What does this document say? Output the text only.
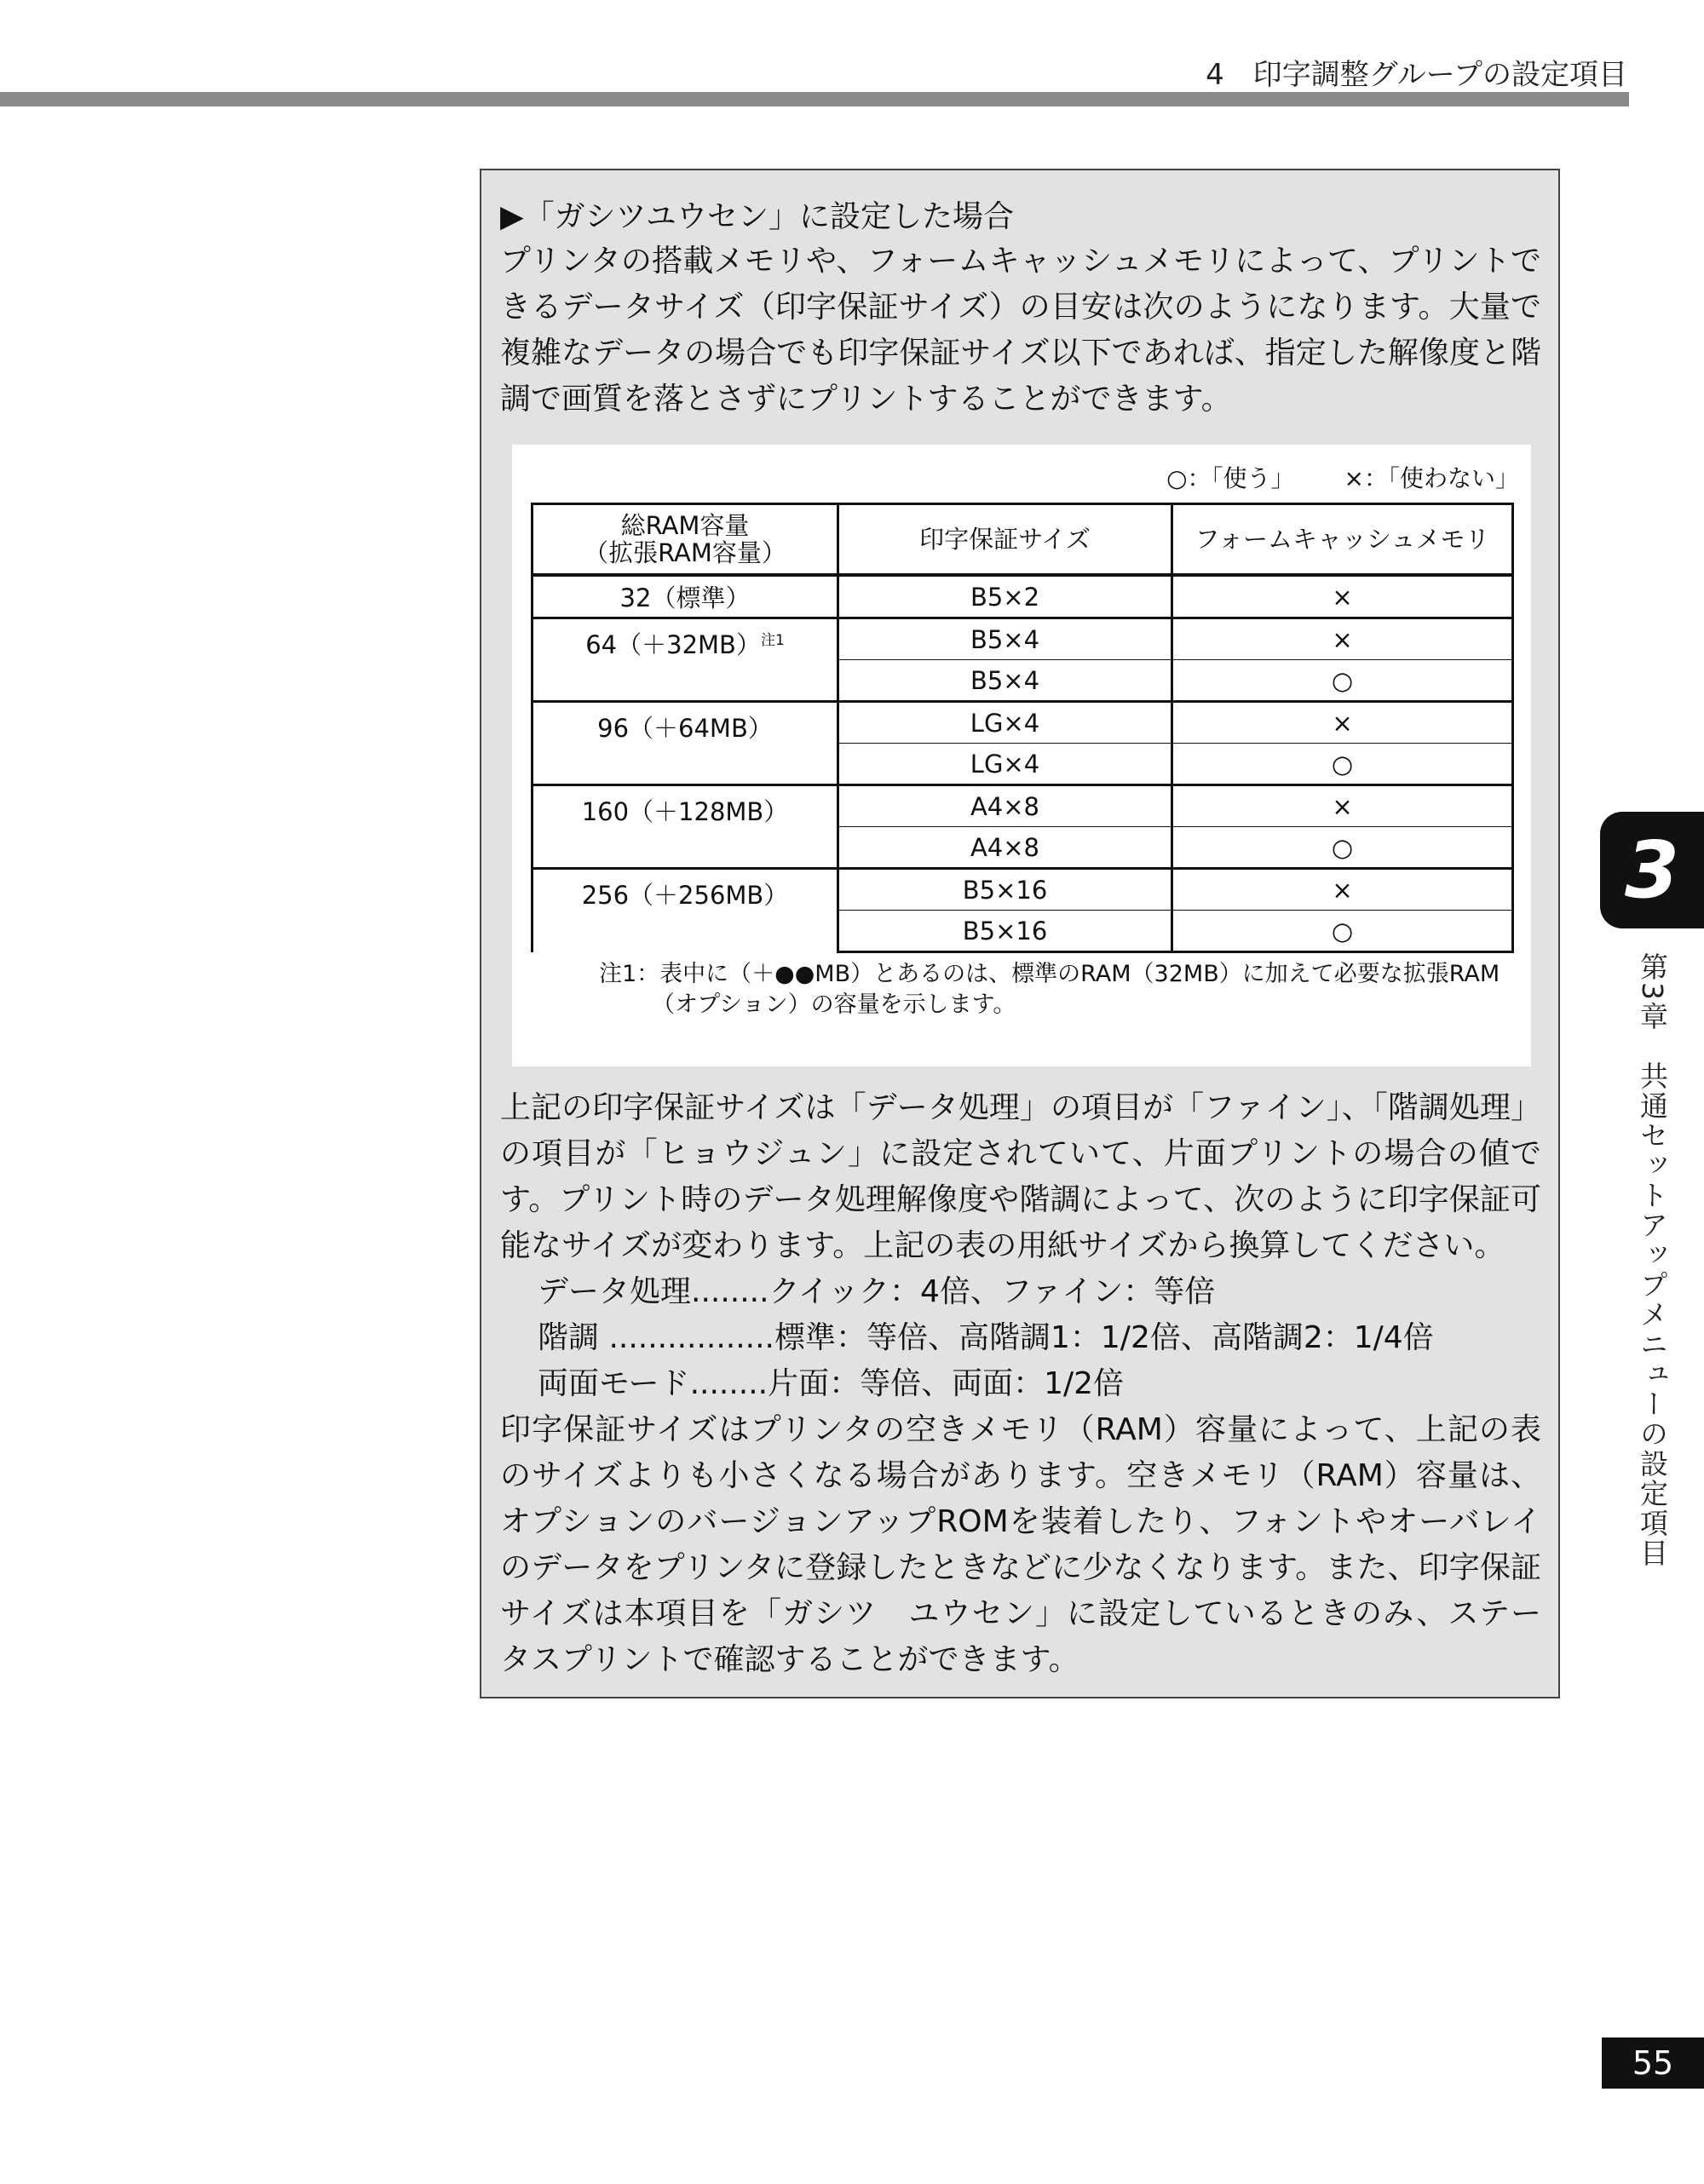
4　印字調整グループの設定項目
▶「ガシツユウセン」に設定した場合

プリンタの搭載メモリや、フォームキャッシュメモリによって、プリントできるデータサイズ（印字保証サイズ）の目安は次のようになります。大量で複雑なデータの場合でも印字保証サイズ以下であれば、指定した解像度と階調で画質を落とさずにプリントすることができます。

○：「使う」 ×：「使わない」
総RAM容量
（拡張RAM容量）	印字保証サイズ	フォームキャッシュメモリ
32（標準）	B5×2	×
64（＋32MB）$^{注1}$	B5×4	×
	B5×4	○
96（＋64MB）	LG×4	×
	LG×4	○
160（＋128MB）	A4×8	×
	A4×8	○
256（＋256MB）	B5×16	×
	B5×16	○
注1：表中に（＋●●MB）とあるのは、標準のRAM（32MB）に加えて必要な拡張RAM
（オプション）の容量を示します。

上記の印字保証サイズは「データ処理」の項目が「ファイン」、「階調処理」の項目が「ヒョウジュン」に設定されていて、片面プリントの場合の値です。プリント時のデータ処理解像度や階調によって、次のように印字保証可能なサイズが変わります。上記の表の用紙サイズから換算してください。

データ処理........クイック：4倍、ファイン：等倍
階調 .................標準：等倍、高階調1：1/2倍、高階調2：1/4倍
両面モード........片面：等倍、両面：1/2倍

印字保証サイズはプリンタの空きメモリ（RAM）容量によって、上記の表のサイズよりも小さくなる場合があります。空きメモリ（RAM）容量は、オプションのバージョンアップROMを装着したり、フォントやオーバレイのデータをプリンタに登録したときなどに少なくなります。また、印字保証サイズは本項目を「ガシツ　ユウセン」に設定しているときのみ、ステータスプリントで確認することができます。

3
第3章　共通セットアップメニューの設定項目
55
